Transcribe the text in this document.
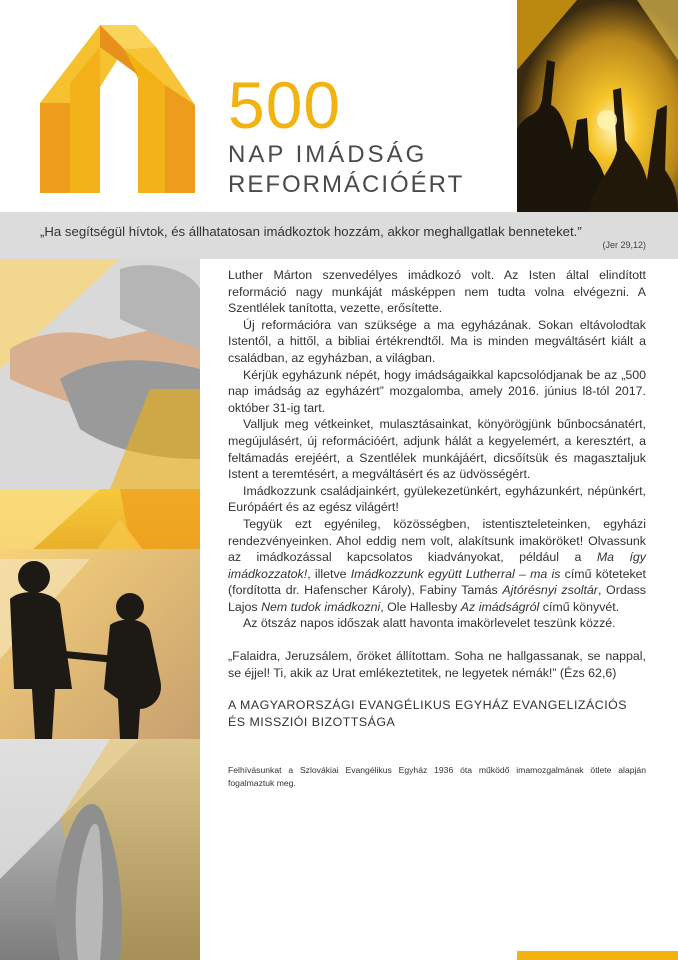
500
NAP IMÁDSÁG
REFORMÁCIÓÉRT
„Ha segítségül hívtok, és állhatatosan imádkoztok hozzám, akkor meghallgatlak benneteket.”
(Jer 29,12)

Luther Márton szenvedélyes imádkozó volt. Az Isten által elindított reformáció nagy munkáját másképpen nem tudta volna elvégezni. A Szentlélek tanította, vezette, erősítette.

Új reformációra van szüksége a ma egyházának. Sokan eltávolodtak Istentől, a hittől, a bibliai értékrendtől. Ma is minden megváltásért kiált a családban, az egyházban, a világban.

Kérjük egyházunk népét, hogy imádságaikkal kapcsolódjanak be az „500 nap imádság az egyházért” mozgalomba, amely 2016. június l8-tól 2017. október 31-ig tart.

Valljuk meg vétkeinket, mulasztásainkat, könyörögjünk bűnbocsánatért, megújulásért, új reformációért, adjunk hálát a kegyelemért, a keresztért, a feltámadás erejéért, a Szentlélek munkájáért, dicsőítsük és magasztaljuk Istent a teremtésért, a megváltásért és az üdvösségért.

Imádkozzunk családjainkért, gyülekezetünkért, egyházunkért, népünkért, Európáért és az egész világért!

Tegyük ezt egyénileg, közösségben, istentiszteleteinken, egyházi rendezvényeinken. Ahol eddig nem volt, alakítsunk imaköröket! Olvassunk az imádkozással kapcsolatos kiadványokat, például a Ma így imádkozzatok!, illetve Imádkozzunk együtt Lutherral – ma is című köteteket (fordította dr. Hafenscher Károly), Fabiny Tamás Ajtórésnyi zsoltár, Ordass Lajos Nem tudok imádkozni, Ole Hallesby Az imádságról című könyvét.

Az ötszáz napos időszak alatt havonta imakörlevelet teszünk közzé.

„Falaidra, Jeruzsálem, őröket állítottam. Soha ne hallgassanak, se nappal, se éjjel! Ti, akik az Urat emlékeztetitek, ne legyetek némák!” (Ézs 62,6)

A MAGYARORSZÁGI EVANGÉLIKUS EGYHÁZ EVANGELIZÁCIÓS

ÉS MISSZIÓI BIZOTTSÁGA

Felhívásunkat a Szlovákiai Evangélikus Egyház 1936 óta működő imamozgalmának ötlete alapján fogalmaztuk meg.
